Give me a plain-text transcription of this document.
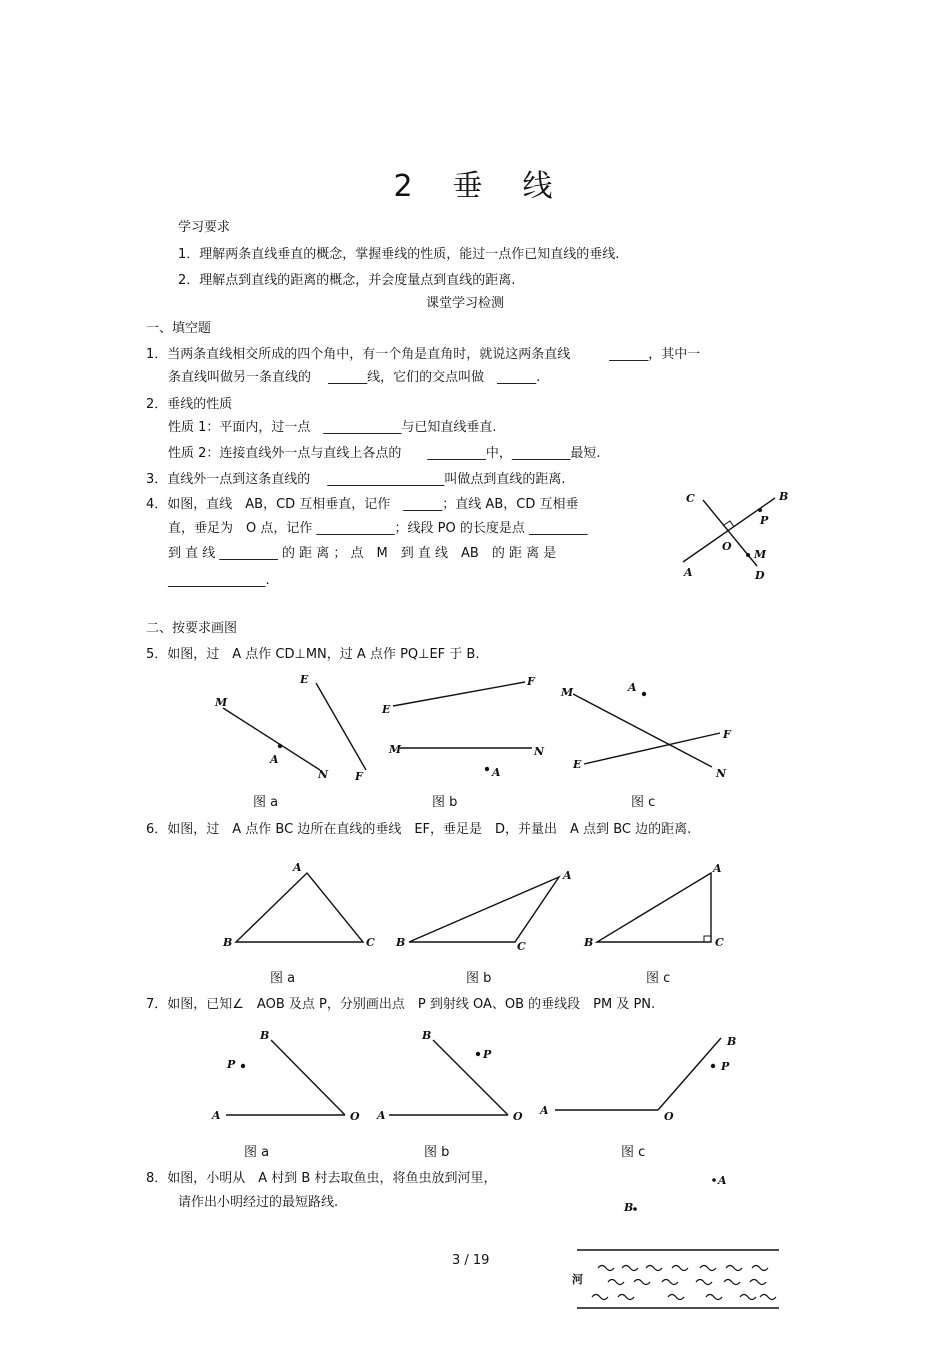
2 垂 线
学习要求
1．理解两条直线垂直的概念，掌握垂线的性质，能过一点作已知直线的垂线.
2．理解点到直线的距离的概念，并会度量点到直线的距离.
课堂学习检测
一、填空题
1．当两条直线相交所成的四个角中，有一个角是直角时，就说这两条直线　　　______，其中一
条直线叫做另一条直线的　 ______线，它们的交点叫做　______.
2．垂线的性质
性质 1：平面内，过一点　____________与已知直线垂直.
性质 2：连接直线外一点与直线上各点的　　_________中，_________最短.
3．直线外一点到这条直线的　 __________________叫做点到直线的距离.
4．如图，直线　AB，CD 互相垂直，记作　______；直线 AB，CD 互相垂
直，垂足为　O 点，记作 ____________；线段 PO 的长度是点 _________
到 直 线 _________ 的 距 离 ； 点　M　到 直 线　AB　的 距 离 是
_______________.
C	B
P
O
M
A	D
二、按要求画图
5．如图，过　A 点作 CD⊥MN，过 A 点作 PQ⊥EF 于 B.
M
E
A
N F
图 a
E
F
M	N
A
图 b
M	A
F
E
N
图 c
6．如图，过　A 点作 BC 边所在直线的垂线　EF，垂足是　D，并量出　A 点到 BC 边的距离.
A
B	C
图 a
A
B	C
图 b
A
B	C
图 c
7．如图，已知∠　AOB 及点 P，分别画出点　P 到射线 OA、OB 的垂线段　PM 及 PN.
B
P
A	O
图 a
B
P
A	O
图 b
B
P
A	O
图 c
8．如图，小明从　A 村到 B 村去取鱼虫，将鱼虫放到河里，
请作出小明经过的最短路线.
A
B
河
3 / 19
